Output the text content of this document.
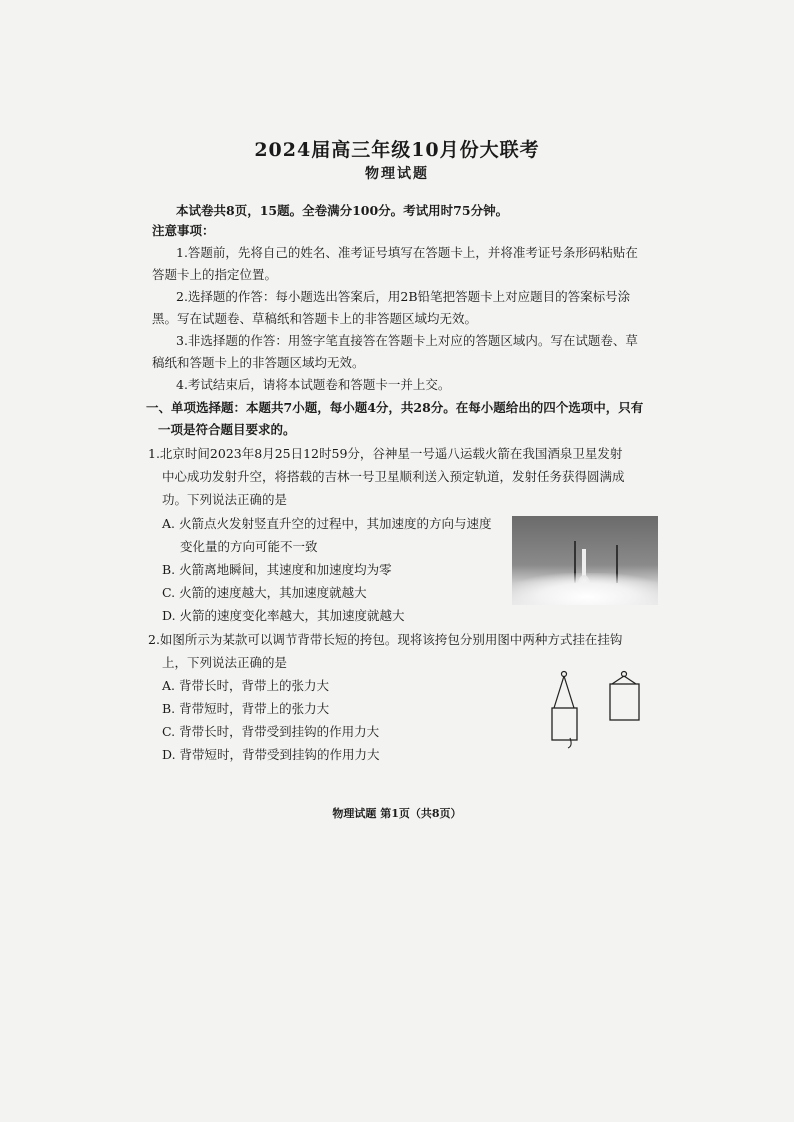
2024届高三年级10月份大联考
物理试题
本试卷共8页，15题。全卷满分100分。考试用时75分钟。
注意事项：
1.答题前，先将自己的姓名、准考证号填写在答题卡上，并将准考证号条形码粘贴在
答题卡上的指定位置。
2.选择题的作答：每小题选出答案后，用2B铅笔把答题卡上对应题目的答案标号涂
黑。写在试题卷、草稿纸和答题卡上的非答题区域均无效。
3.非选择题的作答：用签字笔直接答在答题卡上对应的答题区域内。写在试题卷、草
稿纸和答题卡上的非答题区域均无效。
4.考试结束后，请将本试题卷和答题卡一并上交。
一、单项选择题：本题共7小题，每小题4分，共28分。在每小题给出的四个选项中，只有
一项是符合题目要求的。
1.北京时间2023年8月25日12时59分，谷神星一号遥八运载火箭在我国酒泉卫星发射
中心成功发射升空，将搭载的吉林一号卫星顺利送入预定轨道，发射任务获得圆满成
功。下列说法正确的是
A. 火箭点火发射竖直升空的过程中，其加速度的方向与速度
变化量的方向可能不一致
B. 火箭离地瞬间，其速度和加速度均为零
C. 火箭的速度越大，其加速度就越大
D. 火箭的速度变化率越大，其加速度就越大
2.如图所示为某款可以调节背带长短的挎包。现将该挎包分别用图中两种方式挂在挂钩
上，下列说法正确的是
A. 背带长时，背带上的张力大
B. 背带短时，背带上的张力大
C. 背带长时，背带受到挂钩的作用力大
D. 背带短时，背带受到挂钩的作用力大
物理试题 第1页（共8页）
